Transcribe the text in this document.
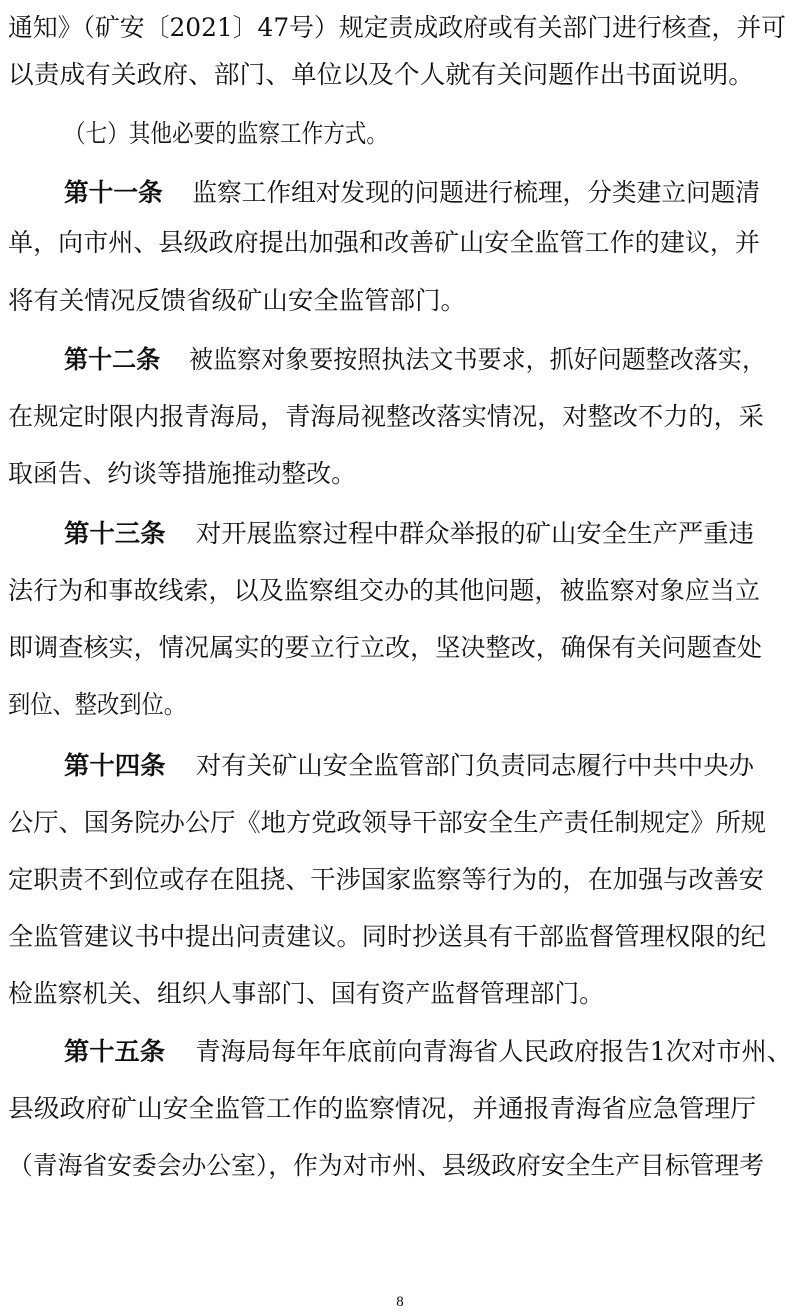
通知》（矿安〔2021〕47号）规定责成政府或有关部门进行核查，并可
以责成有关政府、部门、单位以及个人就有关问题作出书面说明。
（七）其他必要的监察工作方式。
第十一条 监察工作组对发现的问题进行梳理，分类建立问题清
单，向市州、县级政府提出加强和改善矿山安全监管工作的建议，并
将有关情况反馈省级矿山安全监管部门。
第十二条 被监察对象要按照执法文书要求，抓好问题整改落实，
在规定时限内报青海局，青海局视整改落实情况，对整改不力的，采
取函告、约谈等措施推动整改。
第十三条 对开展监察过程中群众举报的矿山安全生产严重违
法行为和事故线索，以及监察组交办的其他问题，被监察对象应当立
即调查核实，情况属实的要立行立改，坚决整改，确保有关问题查处
到位、整改到位。
第十四条 对有关矿山安全监管部门负责同志履行中共中央办
公厅、国务院办公厅《地方党政领导干部安全生产责任制规定》所规
定职责不到位或存在阻挠、干涉国家监察等行为的，在加强与改善安
全监管建议书中提出问责建议。同时抄送具有干部监督管理权限的纪
检监察机关、组织人事部门、国有资产监督管理部门。
第十五条 青海局每年年底前向青海省人民政府报告1次对市州、
县级政府矿山安全监管工作的监察情况，并通报青海省应急管理厅
（青海省安委会办公室），作为对市州、县级政府安全生产目标管理考
8
